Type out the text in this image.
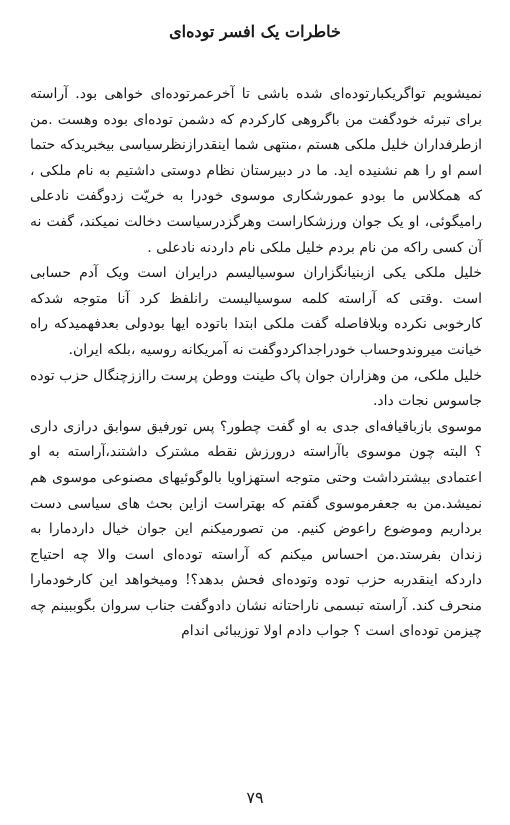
خاطرات یک افسر توده‌ای

نمیشویم تواگریکبارتوده‌ای شده باشی تا آخرعمرتوده‌ای خواهی بود. آراسته برای تبرئه خودگفت من باگروهی کارکردم که دشمن توده‌ای بوده وهست .من ازطرفداران خلیل ملکی هستم ،منتهی شما اینقدرازنظرسیاسی بیخبریدکه حتما اسم او را هم نشنیده اید. ما در دبیرستان نظام دوستی داشتیم به نام ملکی ، که همکلاس ما بودو عمورشکاری موسوی خودرا به خریّت زدوگفت نادعلی رامیگوئی، او یک جوان ورزشکاراست وهرگزدرسیاست دخالت نمیکند، گفت نه آن کسی راکه من نام بردم خلیل ملکی نام داردنه نادعلی .

خلیل ملکی یکی ازبنیانگزاران سوسیالیسم درایران است ویک آدم حسابی است .وقتی که آراسته کلمه سوسیالیست رانلفظ کرد آنا متوجه شدکه کارخوبی نکرده وبلافاصله گفت ملکی ابتدا باتوده ایها بودولی بعدفهمیدکه راه خیانت میروندوحساب خودراجداکردوگفت نه آمریکانه روسیه ،بلکه ایران.

خلیل ملکی، من وهزاران جوان پاک طینت ووطن پرست رااززچنگال حزب توده جاسوس نجات داد.

موسوی بازباقیافه‌ای جدی به او گفت چطور؟ پس تورفیق سوابق درازی داری ؟ البته چون موسوی باآراسته درورزش نقطه مشترک داشتند،آراسته به او اعتمادی بیشترداشت وحتی متوجه استهزاویا بالوگوئیهای مصنوعی موسوی هم نمیشد.من به جعفرموسوی گفتم که بهتراست ازاین بحث های سیاسی دست برداریم وموضوع راعوض کنیم. من تصورمیکنم این جوان خیال داردمارا به زندان بفرستد.من احساس میکنم که آراسته توده‌ای است والا چه احتیاج داردکه اینقدربه حزب توده وتوده‌ای فحش بدهد؟! وميخواهد این کارخودمارا منحرف کند. آراسته تبسمی ناراحتانه نشان دادوگفت جناب سروان بگوببینم چه چیزمن توده‌ای است ؟ جواب دادم اولا توزیبائی اندام

۷۹
